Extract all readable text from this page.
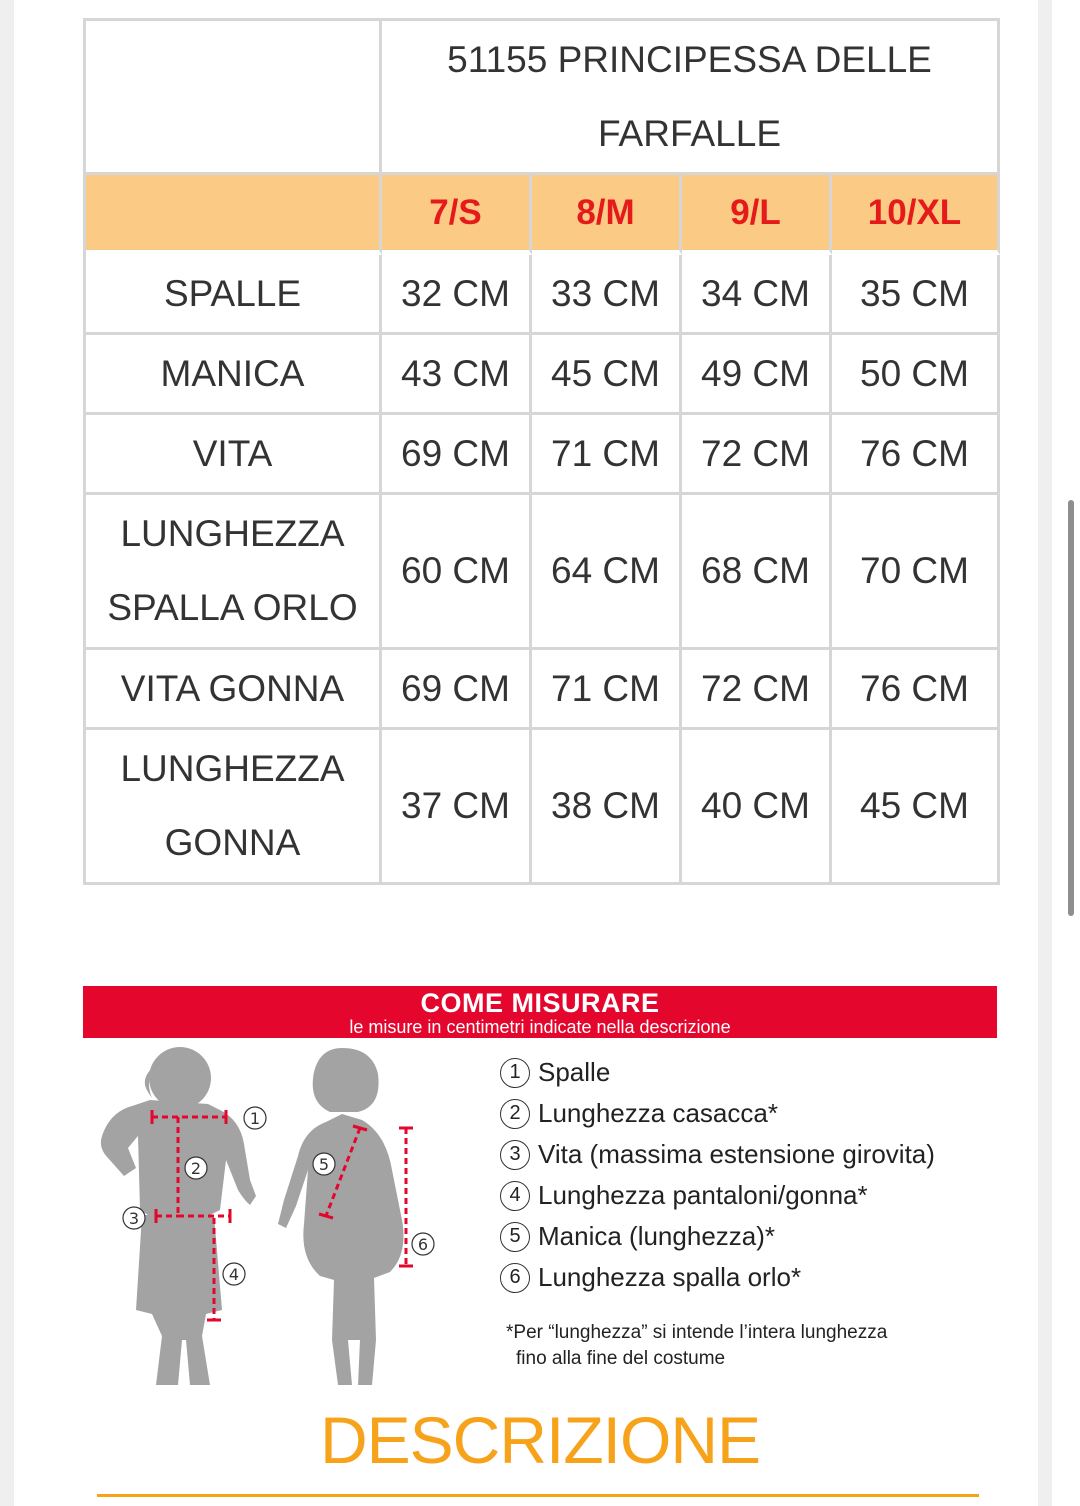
	51155 PRINCIPESSA DELLE FARFALLE			
	7/S	8/M	9/L	10/XL
SPALLE	32 CM	33 CM	34 CM	35 CM
MANICA	43 CM	45 CM	49 CM	50 CM
VITA	69 CM	71 CM	72 CM	76 CM
LUNGHEZZA SPALLA ORLO	60 CM	64 CM	68 CM	70 CM
VITA GONNA	69 CM	71 CM	72 CM	76 CM
LUNGHEZZA GONNA	37 CM	38 CM	40 CM	45 CM
COME MISURARE
le misure in centimetri indicate nella descrizione
1
2
3
4
5
6
1 Spalle
2 Lunghezza casacca*
3 Vita (massima estensione girovita)
4 Lunghezza pantaloni/gonna*
5 Manica (lunghezza)*
6 Lunghezza spalla orlo*
*Per “lunghezza” si intende l’intera lunghezza
fino alla fine del costume
DESCRIZIONE
